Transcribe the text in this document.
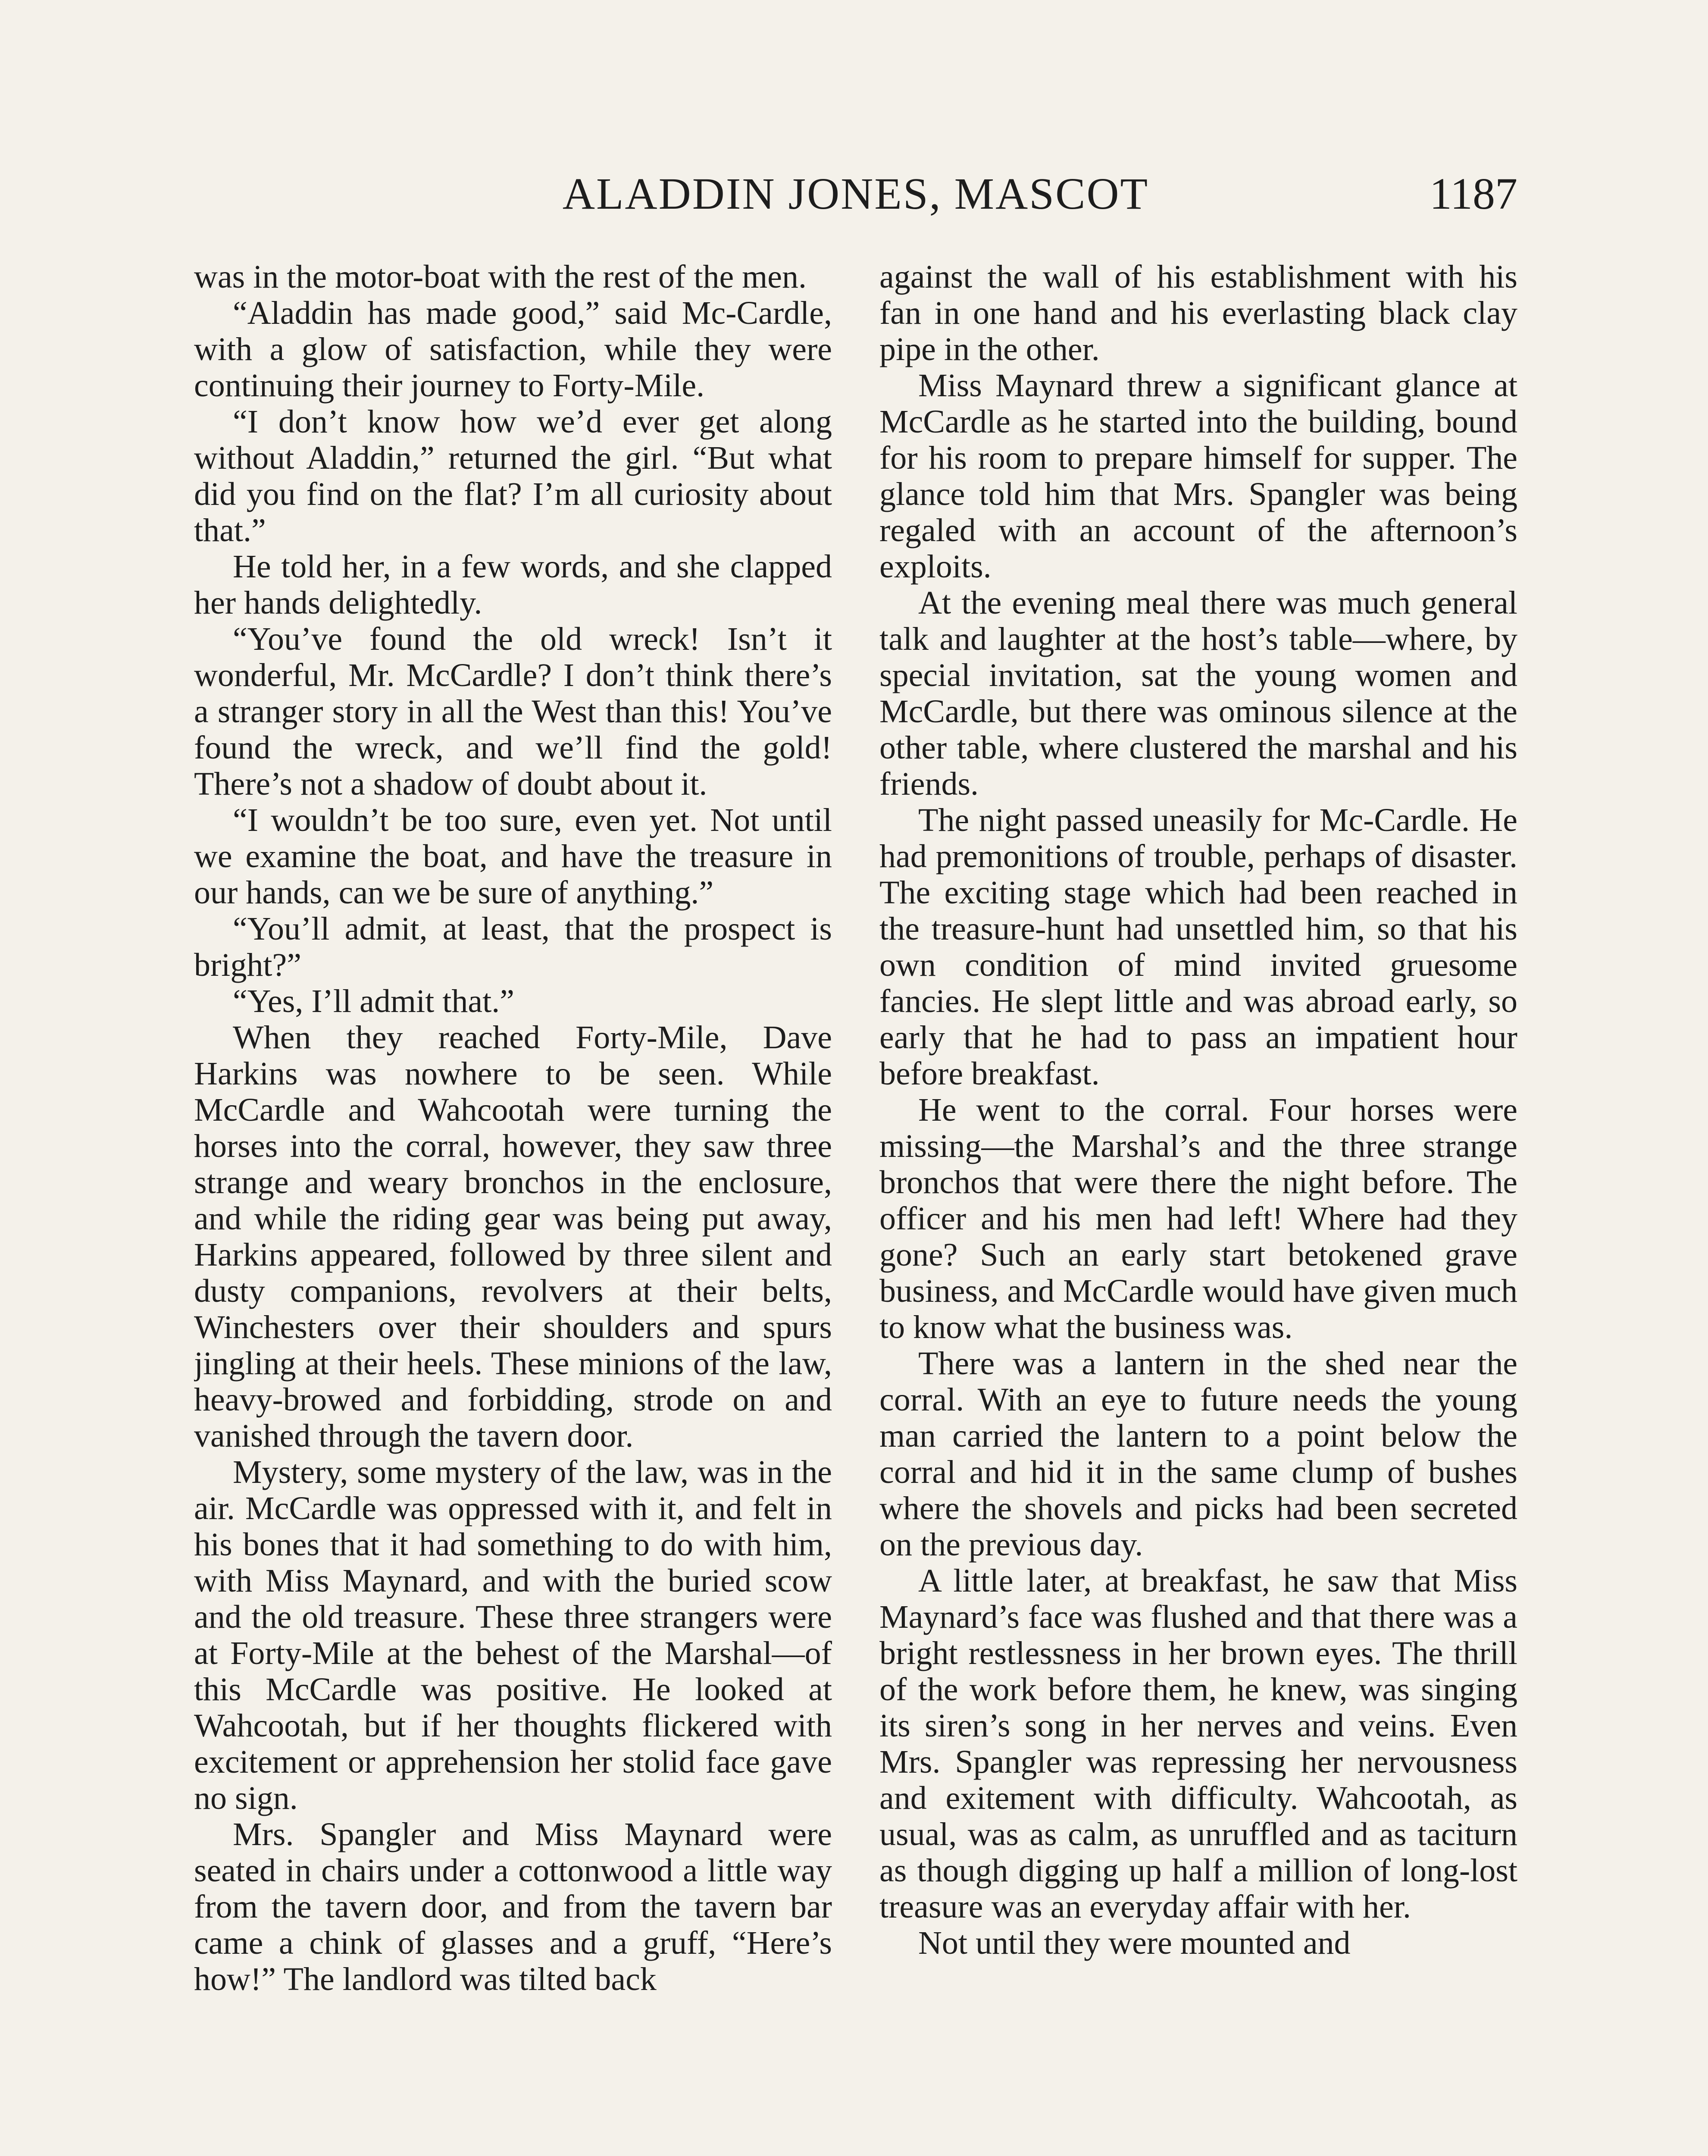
ALADDIN JONES, MASCOT	1187

was in the motor-boat with the rest of the men.

“Aladdin has made good,” said Mc-Cardle, with a glow of satisfaction, while they were continuing their journey to Forty-Mile.

“I don’t know how we’d ever get along without Aladdin,” returned the girl. “But what did you find on the flat? I’m all curiosity about that.”

He told her, in a few words, and she clapped her hands delightedly.

“You’ve found the old wreck! Isn’t it wonderful, Mr. McCardle? I don’t think there’s a stranger story in all the West than this! You’ve found the wreck, and we’ll find the gold! There’s not a shadow of doubt about it.

“I wouldn’t be too sure, even yet. Not until we examine the boat, and have the treasure in our hands, can we be sure of anything.”

“You’ll admit, at least, that the prospect is bright?”

“Yes, I’ll admit that.”

When they reached Forty-Mile, Dave Harkins was nowhere to be seen. While McCardle and Wahcootah were turning the horses into the corral, however, they saw three strange and weary bronchos in the enclosure, and while the riding gear was being put away, Harkins appeared, followed by three silent and dusty companions, revolvers at their belts, Winchesters over their shoulders and spurs jingling at their heels. These minions of the law, heavy-browed and forbidding, strode on and vanished through the tavern door.

Mystery, some mystery of the law, was in the air. McCardle was oppressed with it, and felt in his bones that it had something to do with him, with Miss Maynard, and with the buried scow and the old treasure. These three strangers were at Forty-Mile at the behest of the Marshal—of this McCardle was positive. He looked at Wahcootah, but if her thoughts flickered with excitement or apprehension her stolid face gave no sign.

Mrs. Spangler and Miss Maynard were seated in chairs under a cottonwood a little way from the tavern door, and from the tavern bar came a chink of glasses and a gruff, “Here’s how!” The landlord was tilted back

against the wall of his establishment with his fan in one hand and his everlasting black clay pipe in the other.

Miss Maynard threw a significant glance at McCardle as he started into the building, bound for his room to prepare himself for supper. The glance told him that Mrs. Spangler was being regaled with an account of the afternoon’s exploits.

At the evening meal there was much general talk and laughter at the host’s table—where, by special invitation, sat the young women and McCardle, but there was ominous silence at the other table, where clustered the marshal and his friends.

The night passed uneasily for Mc-Cardle. He had premonitions of trouble, perhaps of disaster. The exciting stage which had been reached in the treasure-hunt had unsettled him, so that his own condition of mind invited gruesome fancies. He slept little and was abroad early, so early that he had to pass an impatient hour before breakfast.

He went to the corral. Four horses were missing—the Marshal’s and the three strange bronchos that were there the night before. The officer and his men had left! Where had they gone? Such an early start betokened grave business, and McCardle would have given much to know what the business was.

There was a lantern in the shed near the corral. With an eye to future needs the young man carried the lantern to a point below the corral and hid it in the same clump of bushes where the shovels and picks had been secreted on the previous day.

A little later, at breakfast, he saw that Miss Maynard’s face was flushed and that there was a bright restlessness in her brown eyes. The thrill of the work before them, he knew, was singing its siren’s song in her nerves and veins. Even Mrs. Spangler was repressing her nervousness and exitement with difficulty. Wahcootah, as usual, was as calm, as unruffled and as taciturn as though digging up half a million of long-lost treasure was an everyday affair with her.

Not until they were mounted and
